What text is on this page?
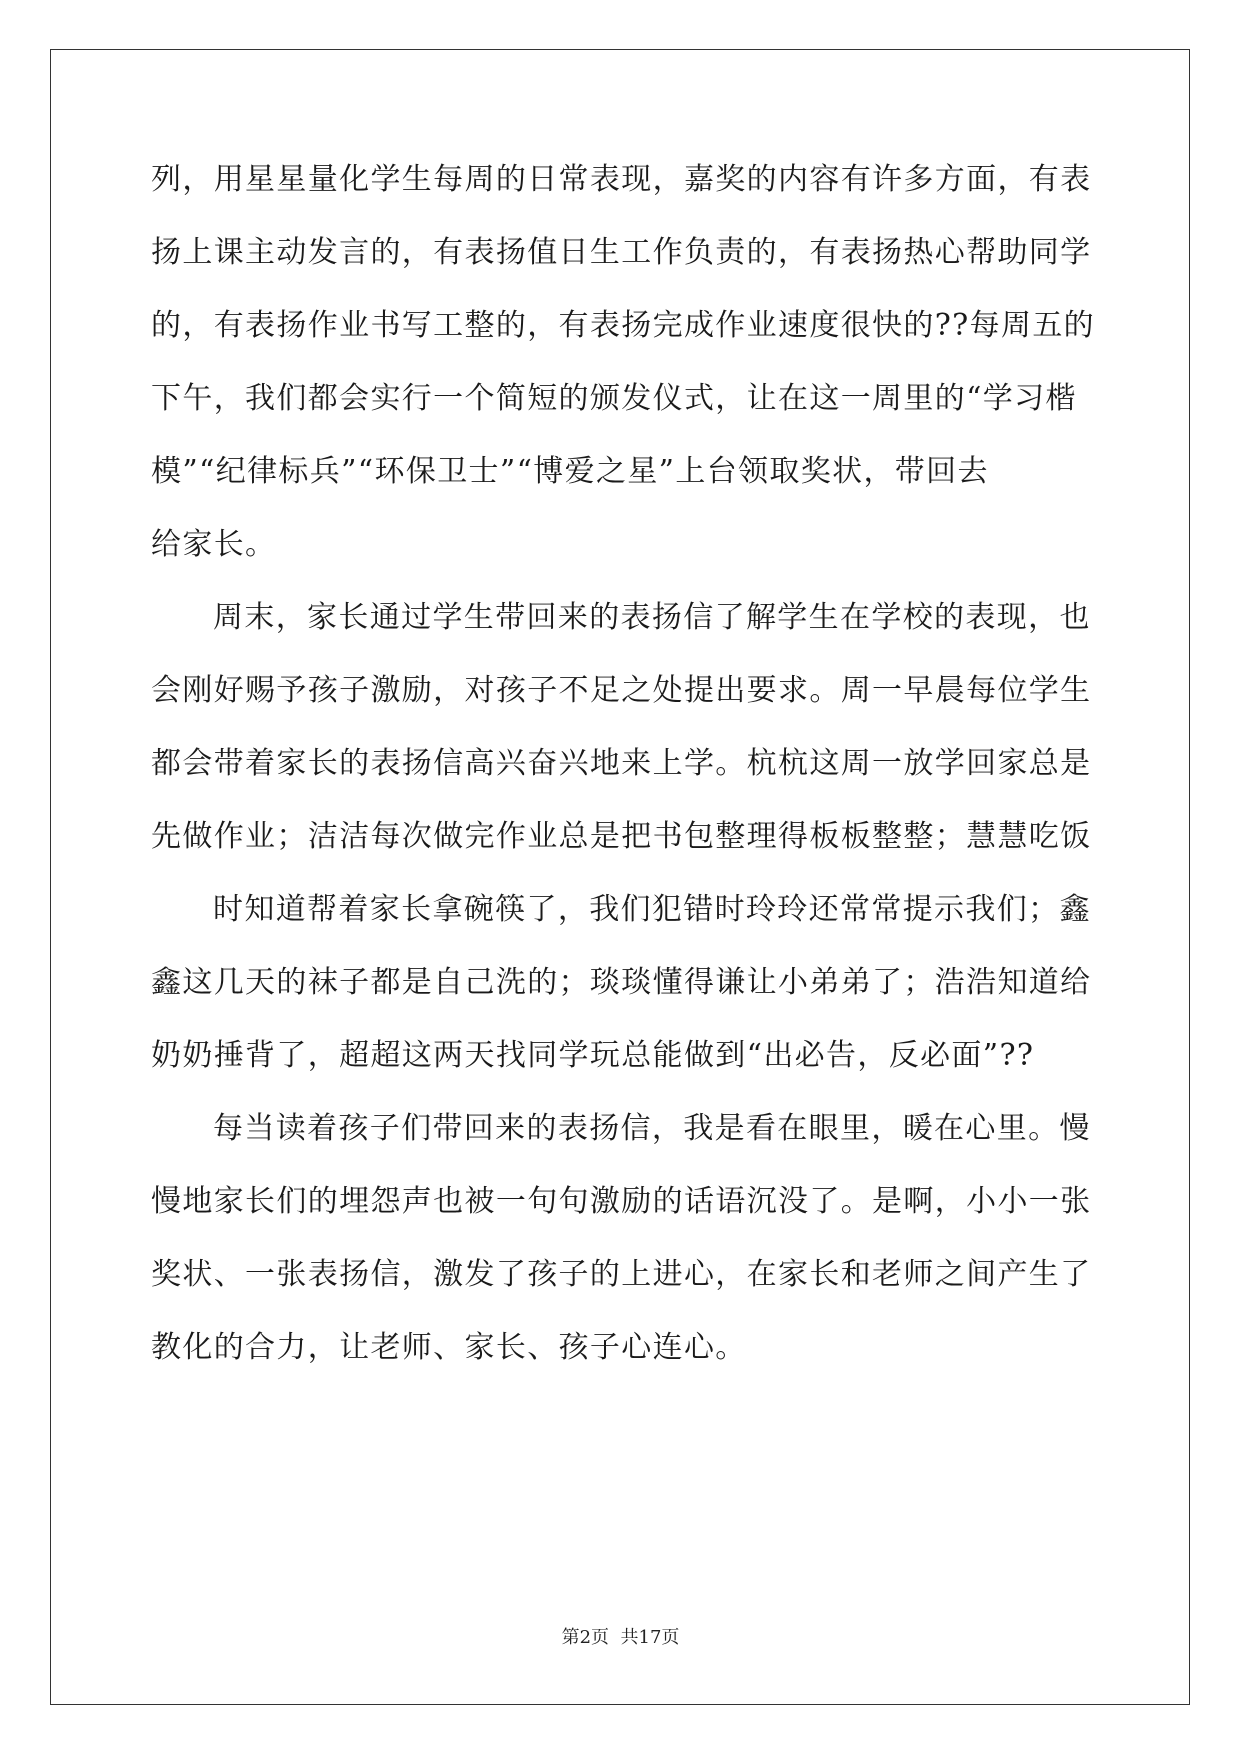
列，用星星量化学生每周的日常表现，嘉奖的内容有许多方面，有表
扬上课主动发言的，有表扬值日生工作负责的，有表扬热心帮助同学
的，有表扬作业书写工整的，有表扬完成作业速度很快的??每周五的
下午，我们都会实行一个简短的颁发仪式，让在这一周里的“学习楷
模”“纪律标兵”“环保卫士”“博爱之星”上台领取奖状，带回去
给家长。
周末，家长通过学生带回来的表扬信了解学生在学校的表现，也
会刚好赐予孩子激励，对孩子不足之处提出要求。周一早晨每位学生
都会带着家长的表扬信高兴奋兴地来上学。杭杭这周一放学回家总是
先做作业；洁洁每次做完作业总是把书包整理得板板整整；慧慧吃饭
时知道帮着家长拿碗筷了，我们犯错时玲玲还常常提示我们；鑫
鑫这几天的袜子都是自己洗的；琰琰懂得谦让小弟弟了；浩浩知道给
奶奶捶背了，超超这两天找同学玩总能做到“出必告，反必面”??
每当读着孩子们带回来的表扬信，我是看在眼里，暖在心里。慢
慢地家长们的埋怨声也被一句句激励的话语沉没了。是啊，小小一张
奖状、一张表扬信，激发了孩子的上进心，在家长和老师之间产生了
教化的合力，让老师、家长、孩子心连心。
第2页  共17页
